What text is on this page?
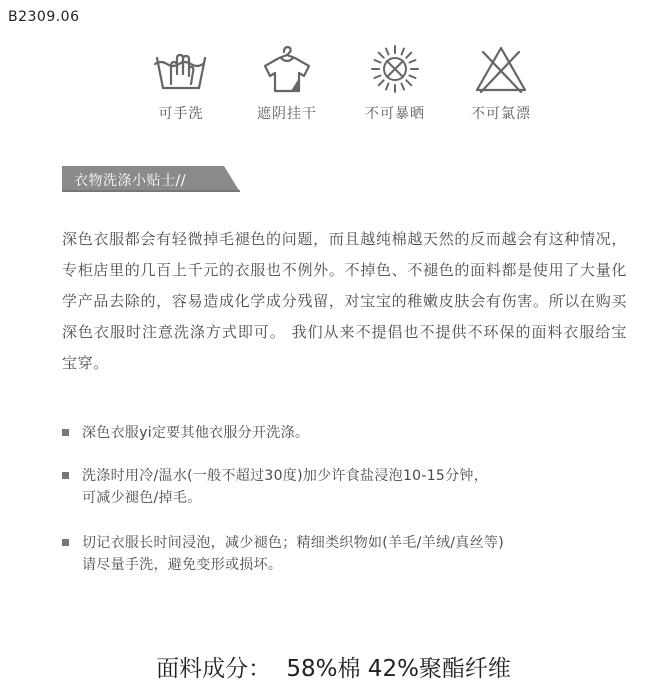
B2309.06
可手洗	遮阴挂干	不可暴晒	不可氯漂
衣物洗涤小贴士//

深色衣服都会有轻微掉毛褪色的问题，而且越纯棉越天然的反而越会有这种情况，专柜店里的几百上千元的衣服也不例外。不掉色、不褪色的面料都是使用了大量化学产品去除的，容易造成化学成分残留，对宝宝的稚嫩皮肤会有伤害。所以在购买深色衣服时注意洗涤方式即可。 我们从来不提倡也不提供不环保的面料衣服给宝宝穿。

深色衣服yi定要其他衣服分开洗涤。
洗涤时用冷/温水(一般不超过30度)加少许食盐浸泡10-15分钟，
可减少褪色/掉毛。
切记衣服长时间浸泡，减少褪色；精细类织物如(羊毛/羊绒/真丝等)
请尽量手洗，避免变形或损坏。
面料成分： 58%棉 42%聚酯纤维
